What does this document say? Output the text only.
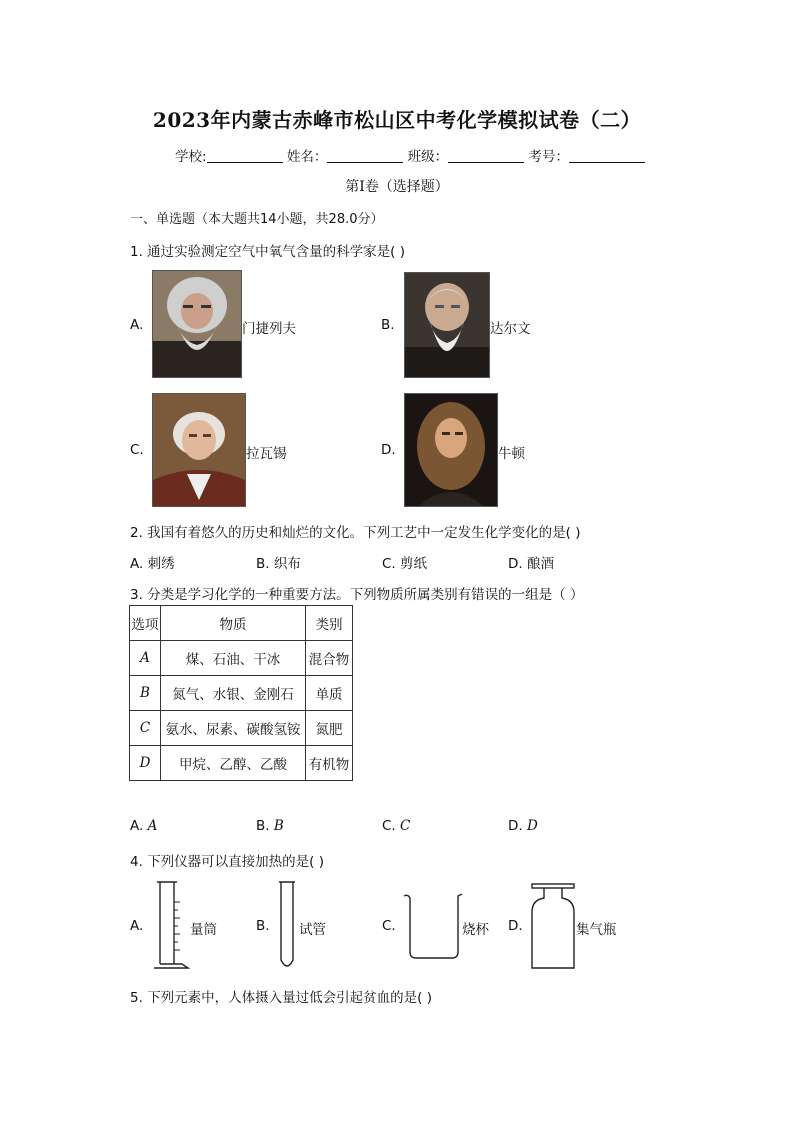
2023年内蒙古赤峰市松山区中考化学模拟试卷（二）
学校:	姓名：	班级：	考号：
第I卷（选择题）
一、单选题（本大题共14小题，共28.0分）
1. 通过实验测定空气中氧气含量的科学家是( )
A.	门捷列夫	B.	达尔文
C.	拉瓦锡	D.	牛顿
2. 我国有着悠久的历史和灿烂的文化。下列工艺中一定发生化学变化的是( )
A. 刺绣	B. 织布	C. 剪纸	D. 酿酒
3. 分类是学习化学的一种重要方法。下列物质所属类别有错误的一组是（ ）
选项	物质	类别
A	煤、石油、干冰	混合物
B	氮气、水银、金刚石	单质
C	氨水、尿素、碳酸氢铵	氮肥
D	甲烷、乙醇、乙酸	有机物
A. A	B. B	C. C	D. D
4. 下列仪器可以直接加热的是( )
A.	量筒	B. 试管	C.	烧杯 D.	集气瓶
5. 下列元素中，人体摄入量过低会引起贫血的是( )
